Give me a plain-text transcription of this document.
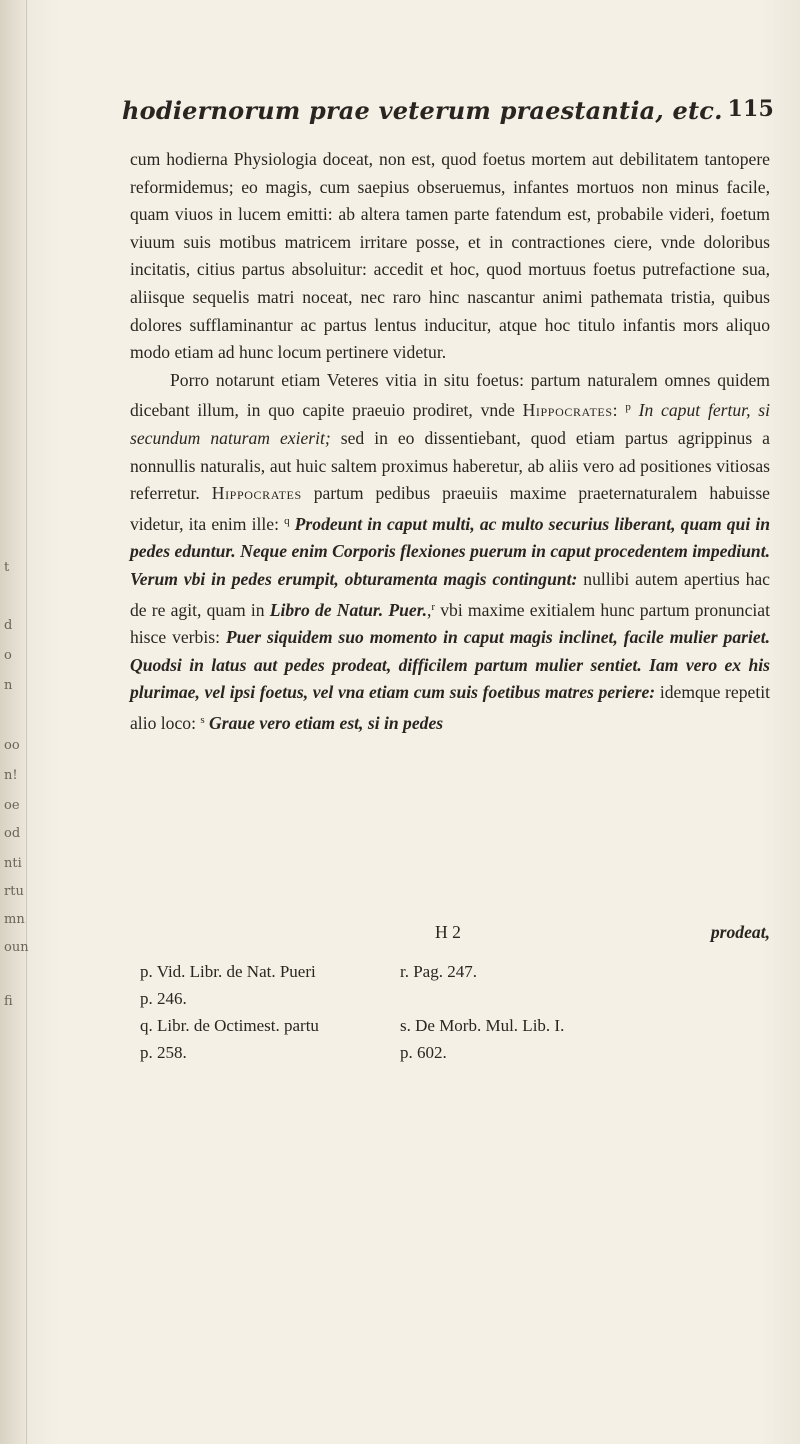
t
d
o
n
oo
n!
oe
od
nti
rtu
mn
oun
fi
hodiernorum prae veterum praestantia, etc. 115

cum hodierna Physiologia doceat, non est, quod foetus mortem aut debilitatem tantopere reformidemus; eo magis, cum saepius obseruemus, infantes mortuos non minus facile, quam viuos in lucem emitti: ab altera tamen parte fatendum est, probabile videri, foetum viuum suis motibus matricem irritare posse, et in contractiones ciere, vnde doloribus incitatis, citius partus absoluitur: accedit et hoc, quod mortuus foetus putrefactione sua, aliisque sequelis matri noceat, nec raro hinc nascantur animi pathemata tristia, quibus dolores sufflaminantur ac partus lentus inducitur, atque hoc titulo infantis mors aliquo modo etiam ad hunc locum pertinere videtur.

Porro notarunt etiam Veteres vitia in situ foetus: partum naturalem omnes quidem dicebant illum, in quo capite praeuio prodiret, vnde Hippocrates: $^p$ In caput fertur, si secundum naturam exierit; sed in eo dissentiebant, quod etiam partus agrippinus a nonnullis naturalis, aut huic saltem proximus haberetur, ab aliis vero ad positiones vitiosas referretur. Hippocrates partum pedibus praeuiis maxime praeternaturalem habuisse videtur, ita enim ille: $^q$ Prodeunt in caput multi, ac multo securius liberant, quam qui in pedes eduntur. Neque enim Corporis flexiones puerum in caput procedentem impediunt. Verum vbi in pedes erumpit, obturamenta magis contingunt: nullibi autem apertius hac de re agit, quam in Libro de Natur. Puer.,$^r$ vbi maxime exitialem hunc partum pronunciat hisce verbis: Puer siquidem suo momento in caput magis inclinet, facile mulier pariet. Quodsi in latus aut pedes prodeat, difficilem partum mulier sentiet. Iam vero ex his plurimae, vel ipsi foetus, vel vna etiam cum suis foetibus matres periere: idemque repetit alio loco: $^s$ Graue vero etiam est, si in pedes

H 2	prodeat,
p. Vid. Libr. de Nat. Pueri
p. 246.
q. Libr. de Octimest. partu
p. 258.
r. Pag. 247.

s. De Morb. Mul. Lib. I.
p. 602.
